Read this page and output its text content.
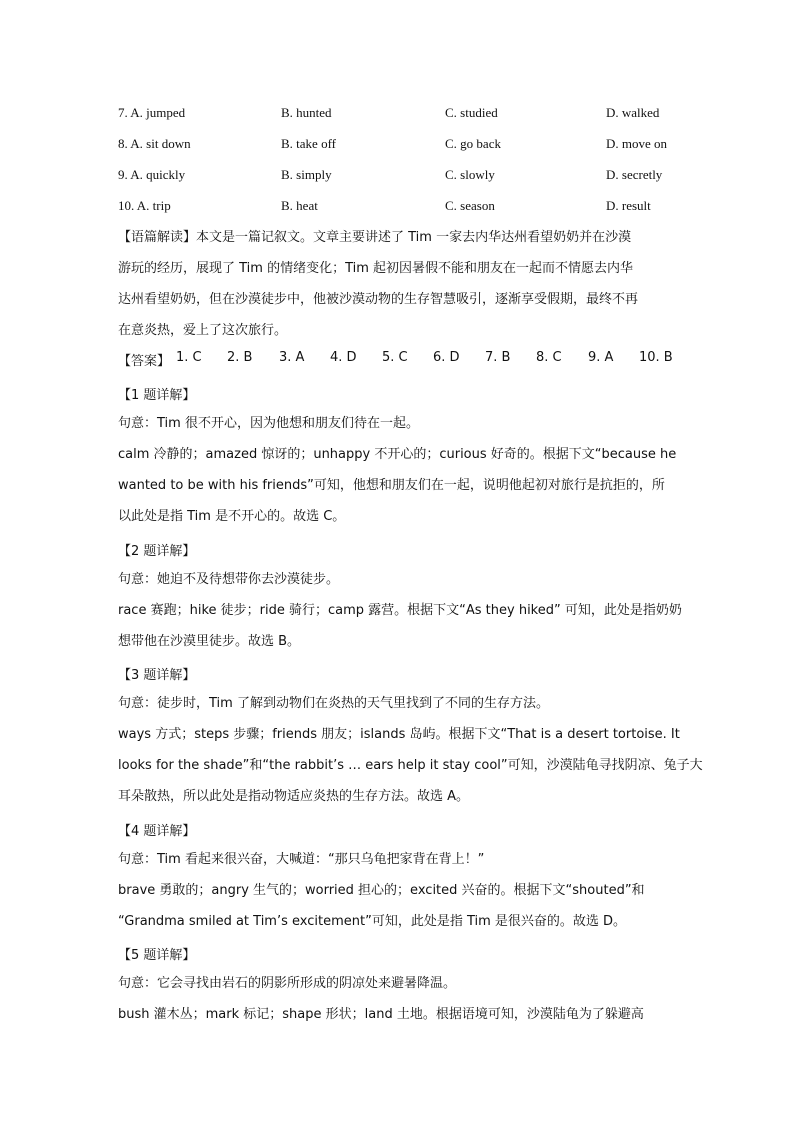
7. A. jumped	B. hunted	C. studied	D. walked
8. A. sit down	B. take off	C. go back	D. move on
9. A. quickly	B. simply	C. slowly	D. secretly
10. A. trip	B. heat	C. season	D. result
【语篇解读】本文是一篇记叙文。文章主要讲述了 Tim 一家去内华达州看望奶奶并在沙漠
游玩的经历，展现了 Tim 的情绪变化；Tim 起初因暑假不能和朋友在一起而不情愿去内华
达州看望奶奶，但在沙漠徒步中，他被沙漠动物的生存智慧吸引，逐渐享受假期，最终不再
在意炎热，爱上了这次旅行。
【答案】 1. C 2. B 3. A 4. D 5. C 6. D 7. B 8. C 9. A 10. B
【1 题详解】
句意：Tim 很不开心，因为他想和朋友们待在一起。
calm 冷静的；amazed 惊讶的；unhappy 不开心的；curious 好奇的。根据下文“because he
wanted to be with his friends”可知，他想和朋友们在一起，说明他起初对旅行是抗拒的，所
以此处是指 Tim 是不开心的。故选 C。
【2 题详解】
句意：她迫不及待想带你去沙漠徒步。
race 赛跑；hike 徒步；ride 骑行；camp 露营。根据下文“As they hiked” 可知，此处是指奶奶
想带他在沙漠里徒步。故选 B。
【3 题详解】
句意：徒步时，Tim 了解到动物们在炎热的天气里找到了不同的生存方法。
ways 方式；steps 步骤；friends 朋友；islands 岛屿。根据下文“That is a desert tortoise. It
looks for the shade”和“the rabbit’s … ears help it stay cool”可知，沙漠陆龟寻找阴凉、兔子大
耳朵散热，所以此处是指动物适应炎热的生存方法。故选 A。
【4 题详解】
句意：Tim 看起来很兴奋，大喊道：“那只乌龟把家背在背上！”
brave 勇敢的；angry 生气的；worried 担心的；excited 兴奋的。根据下文“shouted”和
“Grandma smiled at Tim’s excitement”可知，此处是指 Tim 是很兴奋的。故选 D。
【5 题详解】
句意：它会寻找由岩石的阴影所形成的阴凉处来避暑降温。
bush 灌木丛；mark 标记；shape 形状；land 土地。根据语境可知，沙漠陆龟为了躲避高
